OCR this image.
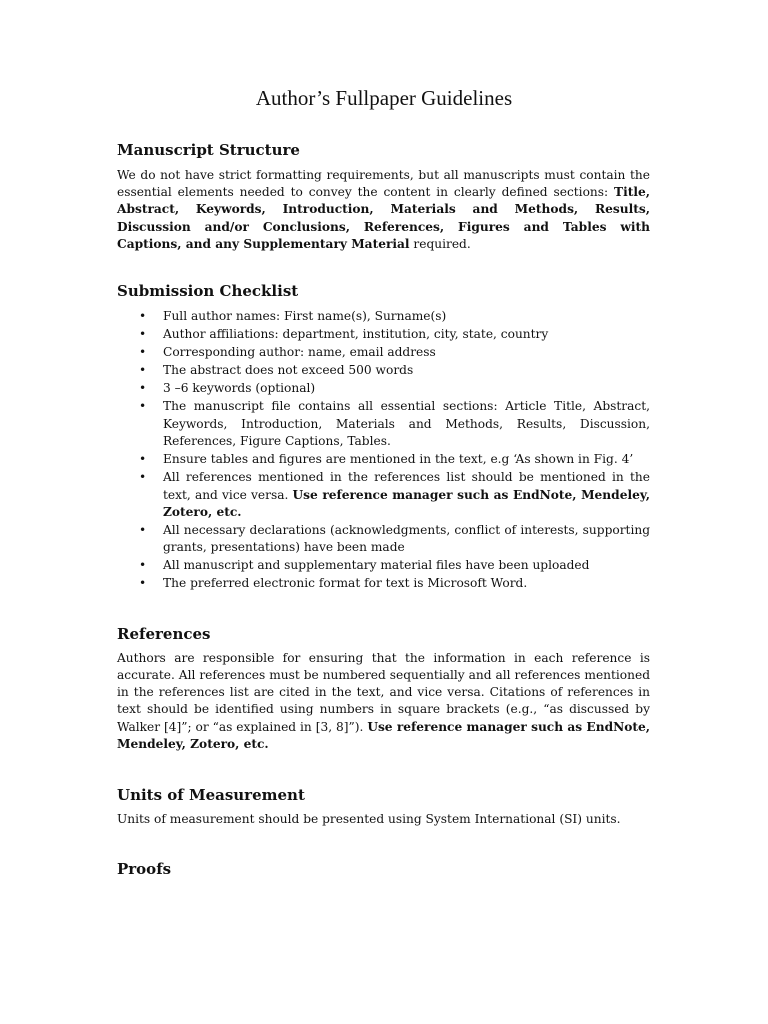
Author’s Fullpaper Guidelines
Manuscript Structure

We do not have strict formatting requirements, but all manuscripts must contain the essential elements needed to convey the content in clearly defined sections: Title, Abstract, Keywords, Introduction, Materials and Methods, Results, Discussion and/or Conclusions, References, Figures and Tables with Captions, and any Supplementary Material required.

Submission Checklist
• Full author names: First name(s), Surname(s)
• Author affiliations: department, institution, city, state, country
• Corresponding author: name, email address
• The abstract does not exceed 500 words
• 3 –6 keywords (optional)
• The manuscript file contains all essential sections: Article Title, Abstract, Keywords, Introduction, Materials and Methods, Results, Discussion, References, Figure Captions, Tables.
• Ensure tables and figures are mentioned in the text, e.g ‘As shown in Fig. 4’
• All references mentioned in the references list should be mentioned in the text, and vice versa. Use reference manager such as EndNote, Mendeley, Zotero, etc.
• All necessary declarations (acknowledgments, conflict of interests, supporting grants, presentations) have been made
• All manuscript and supplementary material files have been uploaded
• The preferred electronic format for text is Microsoft Word.
References

Authors are responsible for ensuring that the information in each reference is accurate. All references must be numbered sequentially and all references mentioned in the references list are cited in the text, and vice versa. Citations of references in text should be identified using numbers in square brackets (e.g., “as discussed by Walker [4]”; or “as explained in [3, 8]”). Use reference manager such as EndNote, Mendeley, Zotero, etc.

Units of Measurement

Units of measurement should be presented using System International (SI) units.

Proofs
